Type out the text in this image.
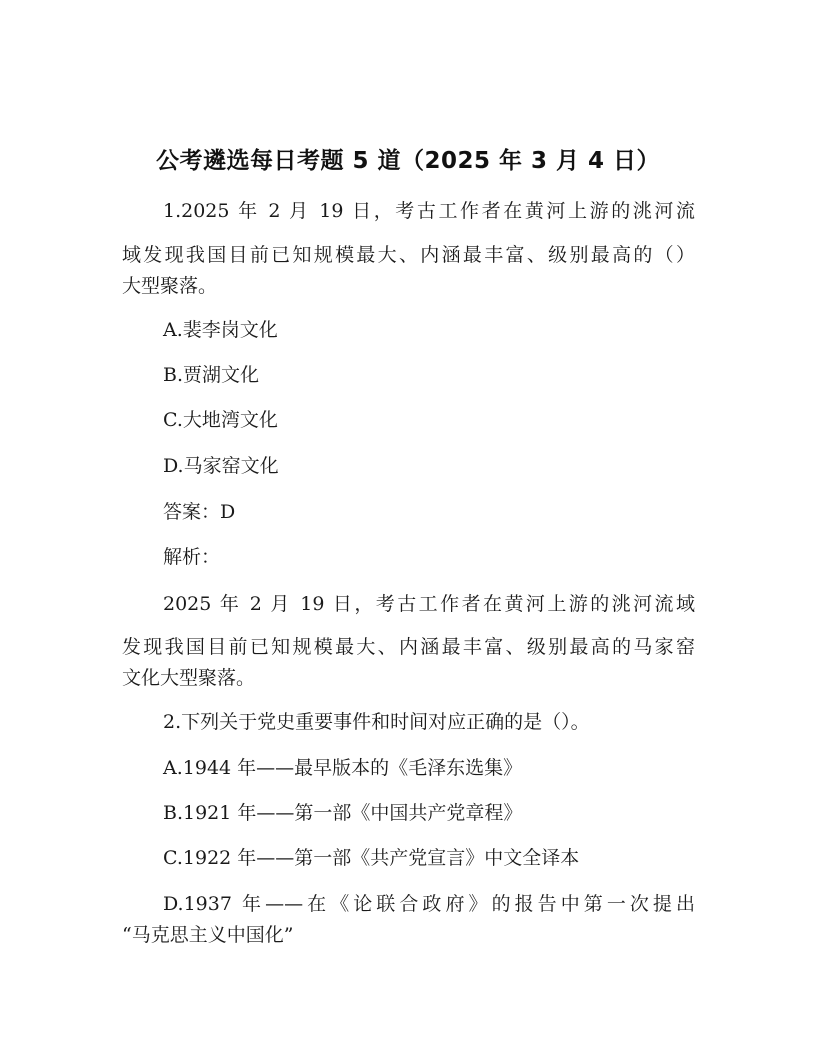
公考遴选每日考题 5 道（2025 年 3 月 4 日）
1.2025 年 2 月 19 日，考古工作者在黄河上游的洮河流
域发现我国目前已知规模最大、内涵最丰富、级别最高的（）
大型聚落。
A.裴李岗文化
B.贾湖文化
C.大地湾文化
D.马家窑文化
答案：D
解析：
2025 年 2 月 19 日，考古工作者在黄河上游的洮河流域
发现我国目前已知规模最大、内涵最丰富、级别最高的马家窑
文化大型聚落。
2.下列关于党史重要事件和时间对应正确的是（）。
A.1944 年——最早版本的《毛泽东选集》
B.1921 年——第一部《中国共产党章程》
C.1922 年——第一部《共产党宣言》中文全译本
D.1937 年——在《论联合政府》的报告中第一次提出
“马克思主义中国化”
